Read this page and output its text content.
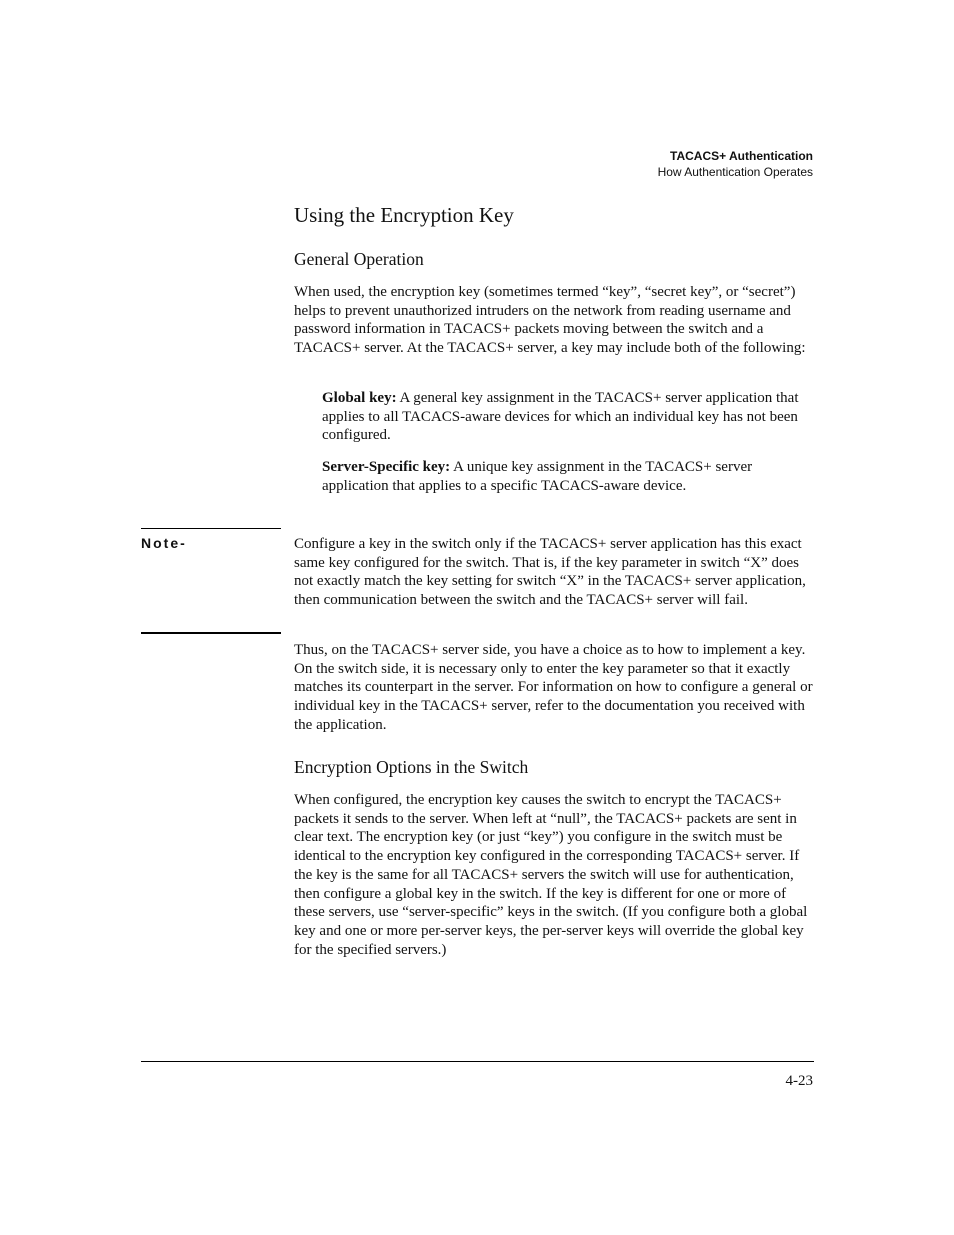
TACACS+ Authentication
How Authentication Operates
Using the Encryption Key
General Operation

When used, the encryption key (sometimes termed “key”, “secret key”, or “secret”) helps to prevent unauthorized intruders on the network from reading username and password information in TACACS+ packets moving between the switch and a TACACS+ server. At the TACACS+ server, a key may include both of the following:

Global key: A general key assignment in the TACACS+ server application that applies to all TACACS-aware devices for which an individual key has not been configured.

Server-Specific key: A unique key assignment in the TACACS+ server application that applies to a specific TACACS-aware device.

Note-	Configure a key in the switch only if the TACACS+ server application has this exact same key configured for the switch. That is, if the key parameter in switch “X” does not exactly match the key setting for switch “X” in the TACACS+ server application, then communication between the switch and the TACACS+ server will fail.

Thus, on the TACACS+ server side, you have a choice as to how to implement a key. On the switch side, it is necessary only to enter the key parameter so that it exactly matches its counterpart in the server. For information on how to configure a general or individual key in the TACACS+ server, refer to the documentation you received with the application.

Encryption Options in the Switch

When configured, the encryption key causes the switch to encrypt the TACACS+ packets it sends to the server. When left at “null”, the TACACS+ packets are sent in clear text. The encryption key (or just “key”) you configure in the switch must be identical to the encryption key configured in the corresponding TACACS+ server. If the key is the same for all TACACS+ servers the switch will use for authentication, then configure a global key in the switch. If the key is different for one or more of these servers, use “server-specific” keys in the switch. (If you configure both a global key and one or more per-server keys, the per-server keys will override the global key for the specified servers.)

4-23
